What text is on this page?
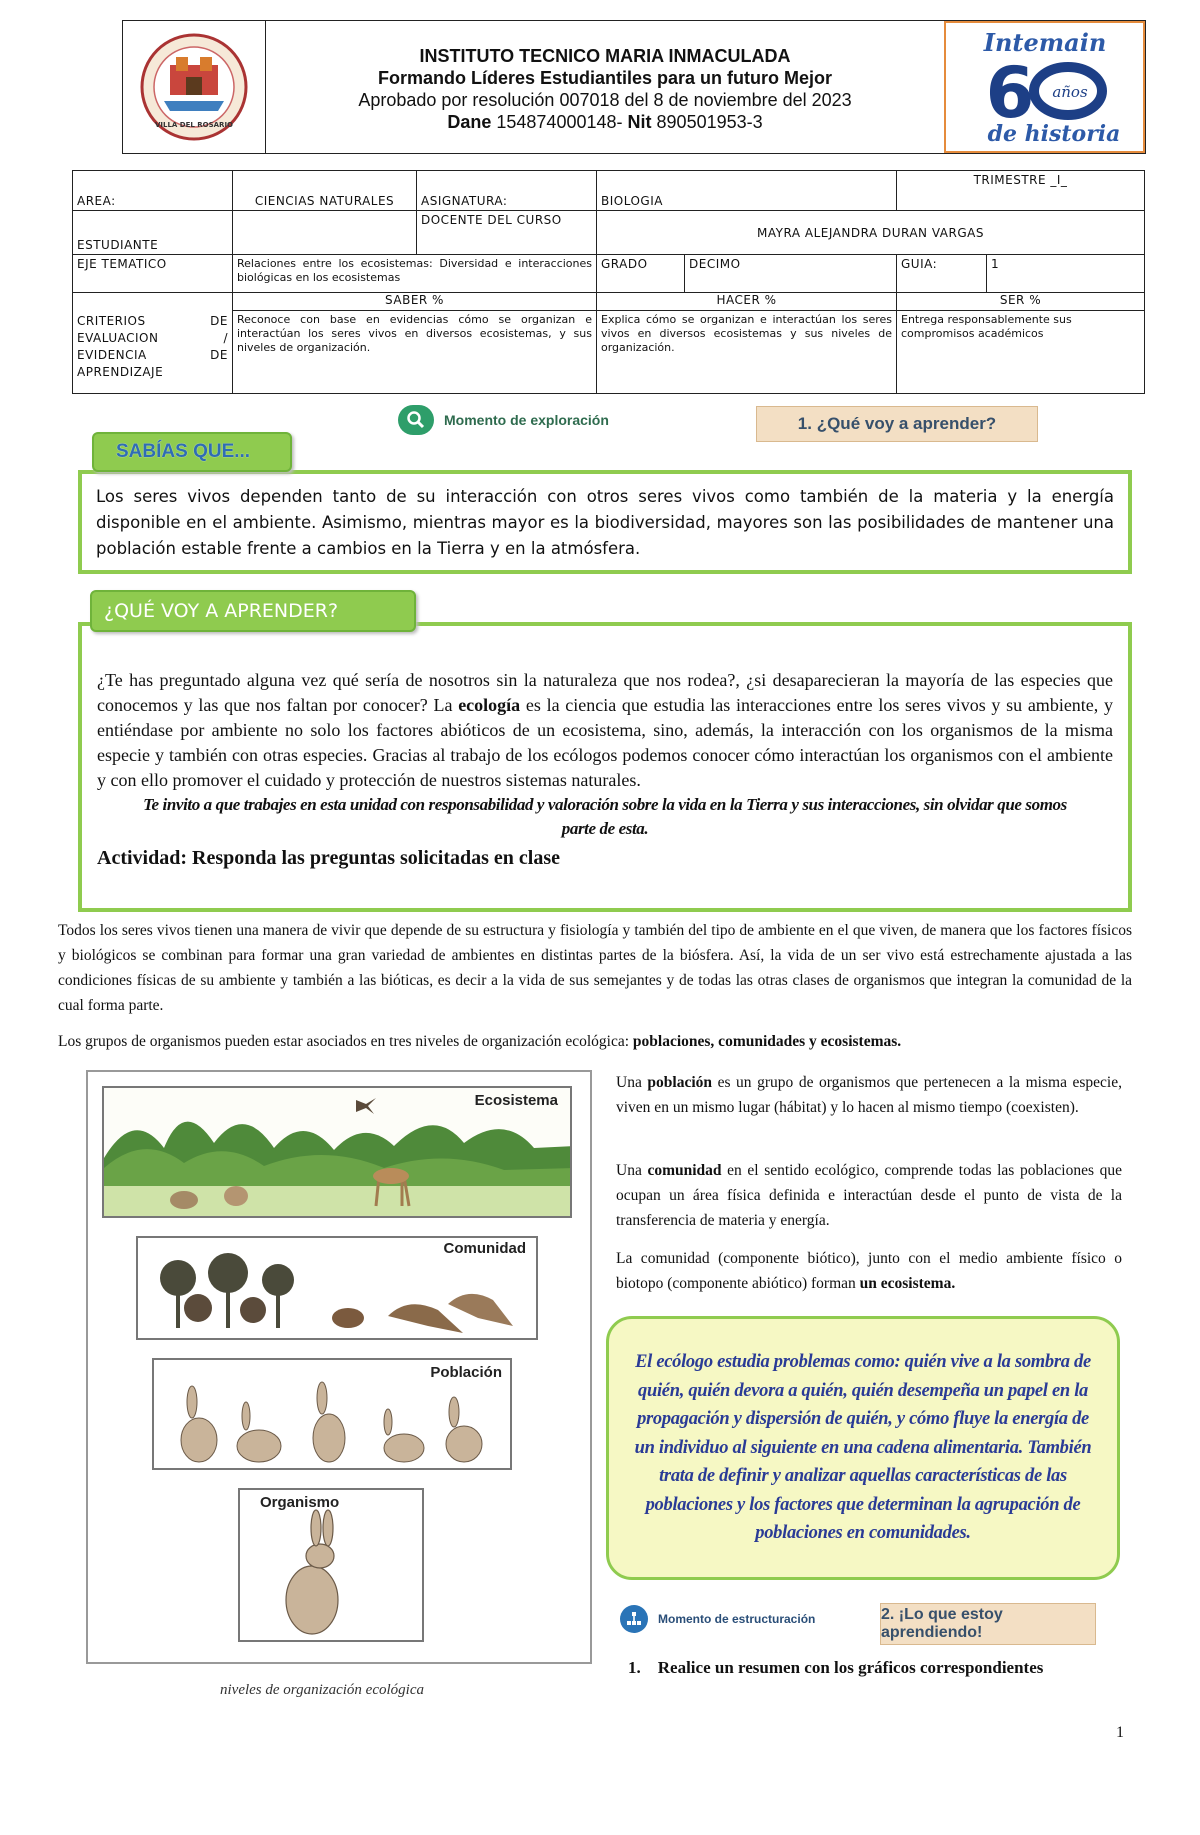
VILLA DEL ROSARIO
INSTITUTO TECNICO MARIA INMACULADA
Formando Líderes Estudiantiles para un futuro Mejor
Aprobado por resolución 007018 del 8 de noviembre del 2023
Dane 154874000148- Nit 890501953-3
Intemain
6 años
de historia
AREA:	CIENCIAS NATURALES	ASIGNATURA:	BIOLOGIA		TRIMESTRE _I_	
ESTUDIANTE		DOCENTE DEL CURSO	MAYRA ALEJANDRA DURAN VARGAS			
EJE TEMATICO	Relaciones entre los ecosistemas: Diversidad e interacciones biológicas en los ecosistemas		GRADO	DECIMO	GUIA:	1
	SABER %		HACER %		SER %	
CRITERIOS DE EVALUACION / EVIDENCIA DE APRENDIZAJE	Reconoce con base en evidencias cómo se organizan e interactúan los seres vivos en diversos ecosistemas, y sus niveles de organización.		Explica cómo se organizan e interactúan los seres vivos en diversos ecosistemas y sus niveles de organización.		Entrega responsablemente sus compromisos académicos	
Momento de exploración	1. ¿Qué voy a aprender?
Los seres vivos dependen tanto de su interacción con otros seres vivos como también de la materia y la energía disponible en el ambiente. Asimismo, mientras mayor es la biodiversidad, mayores son las posibilidades de mantener una población estable frente a cambios en la Tierra y en la atmósfera.
SABÍAS QUE...

¿Te has preguntado alguna vez qué sería de nosotros sin la naturaleza que nos rodea?, ¿si desaparecieran la mayoría de las especies que conocemos y las que nos faltan por conocer? La ecología es la ciencia que estudia las interacciones entre los seres vivos y su ambiente, y entiéndase por ambiente no solo los factores abióticos de un ecosistema, sino, además, la interacción con los organismos de la misma especie y también con otras especies. Gracias al trabajo de los ecólogos podemos conocer cómo interactúan los organismos con el ambiente y con ello promover el cuidado y protección de nuestros sistemas naturales.

Te invito a que trabajes en esta unidad con responsabilidad y valoración sobre la vida en la Tierra y sus interacciones, sin olvidar que somos parte de esta.

Actividad: Responda las preguntas solicitadas en clase

¿QUÉ VOY A APRENDER?

Todos los seres vivos tienen una manera de vivir que depende de su estructura y fisiología y también del tipo de ambiente en el que viven, de manera que los factores físicos y biológicos se combinan para formar una gran variedad de ambientes en distintas partes de la biósfera. Así, la vida de un ser vivo está estrechamente ajustada a las condiciones físicas de su ambiente y también a las bióticas, es decir a la vida de sus semejantes y de todas las otras clases de organismos que integran la comunidad de la cual forma parte.

Los grupos de organismos pueden estar asociados en tres niveles de organización ecológica: poblaciones, comunidades y ecosistemas.

Ecosistema
Comunidad
Población
Organismo
niveles de organización ecológica

Una población es un grupo de organismos que pertenecen a la misma especie, viven en un mismo lugar (hábitat) y lo hacen al mismo tiempo (coexisten).

Una comunidad en el sentido ecológico, comprende todas las poblaciones que ocupan un área física definida e interactúan desde el punto de vista de la transferencia de materia y energía.

La comunidad (componente biótico), junto con el medio ambiente físico o biotopo (componente abiótico) forman un ecosistema.

El ecólogo estudia problemas como: quién vive a la sombra de quién, quién devora a quién, quién desempeña un papel en la propagación y dispersión de quién, y cómo fluye la energía de un individuo al siguiente en una cadena alimentaria. También trata de definir y analizar aquellas características de las poblaciones y los factores que determinan la agrupación de poblaciones en comunidades.

Momento de estructuración	2. ¡Lo que estoy aprendiendo!
1. Realice un resumen con los gráficos correspondientes
1
